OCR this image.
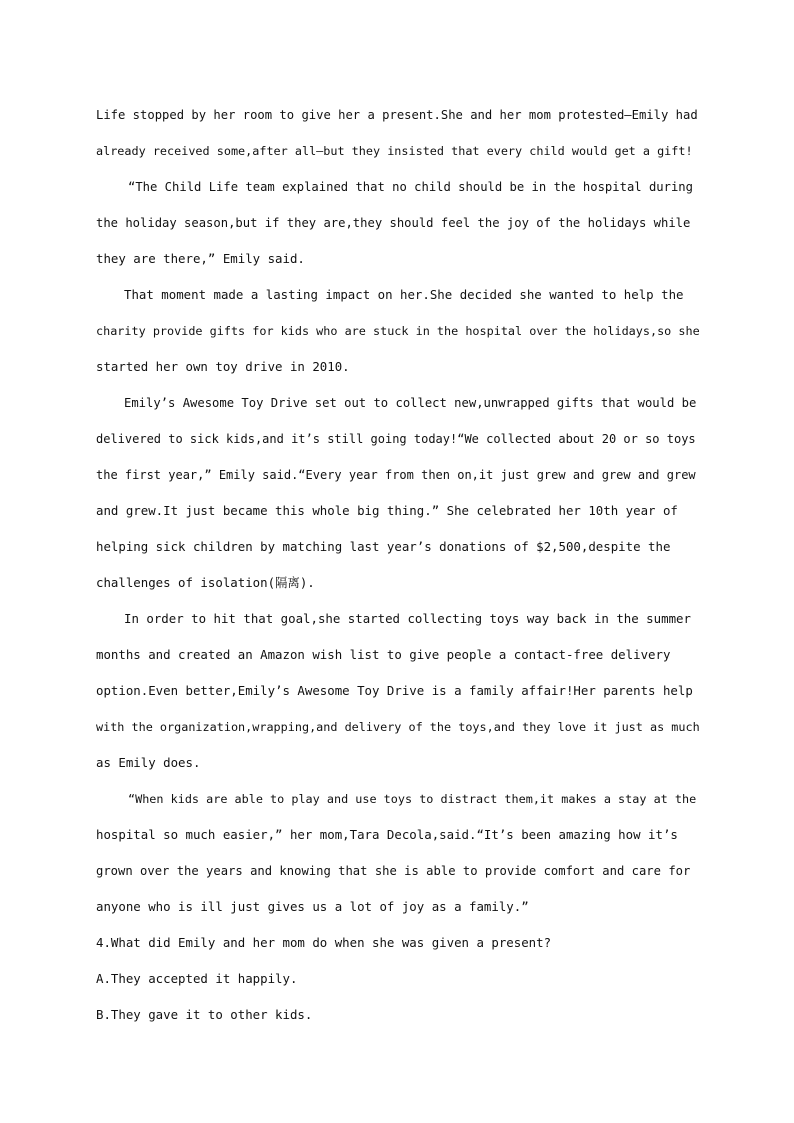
Life stopped by her room to give her a present.She and her mom protested—Emily had
already received some,after all—but they insisted that every child would get a gift!
“The Child Life team explained that no child should be in the hospital during
the holiday season,but if they are,they should feel the joy of the holidays while
they are there,” Emily said.
That moment made a lasting impact on her.She decided she wanted to help the
charity provide gifts for kids who are stuck in the hospital over the holidays,so she
started her own toy drive in 2010.
Emily’s Awesome Toy Drive set out to collect new,unwrapped gifts that would be
delivered to sick kids,and it’s still going today!“We collected about 20 or so toys
the first year,” Emily said.“Every year from then on,it just grew and grew and grew
and grew.It just became this whole big thing.” She celebrated her 10th year of
helping sick children by matching last year’s donations of $2,500,despite the
challenges of isolation(隔离).
In order to hit that goal,she started collecting toys way back in the summer
months and created an Amazon wish list to give people a contact-free delivery
option.Even better,Emily’s Awesome Toy Drive is a family affair!Her parents help
with the organization,wrapping,and delivery of the toys,and they love it just as much
as Emily does.
“When kids are able to play and use toys to distract them,it makes a stay at the
hospital so much easier,” her mom,Tara Decola,said.“It’s been amazing how it’s
grown over the years and knowing that she is able to provide comfort and care for
anyone who is ill just gives us a lot of joy as a family.”
4.What did Emily and her mom do when she was given a present?
A.They accepted it happily.
B.They gave it to other kids.
